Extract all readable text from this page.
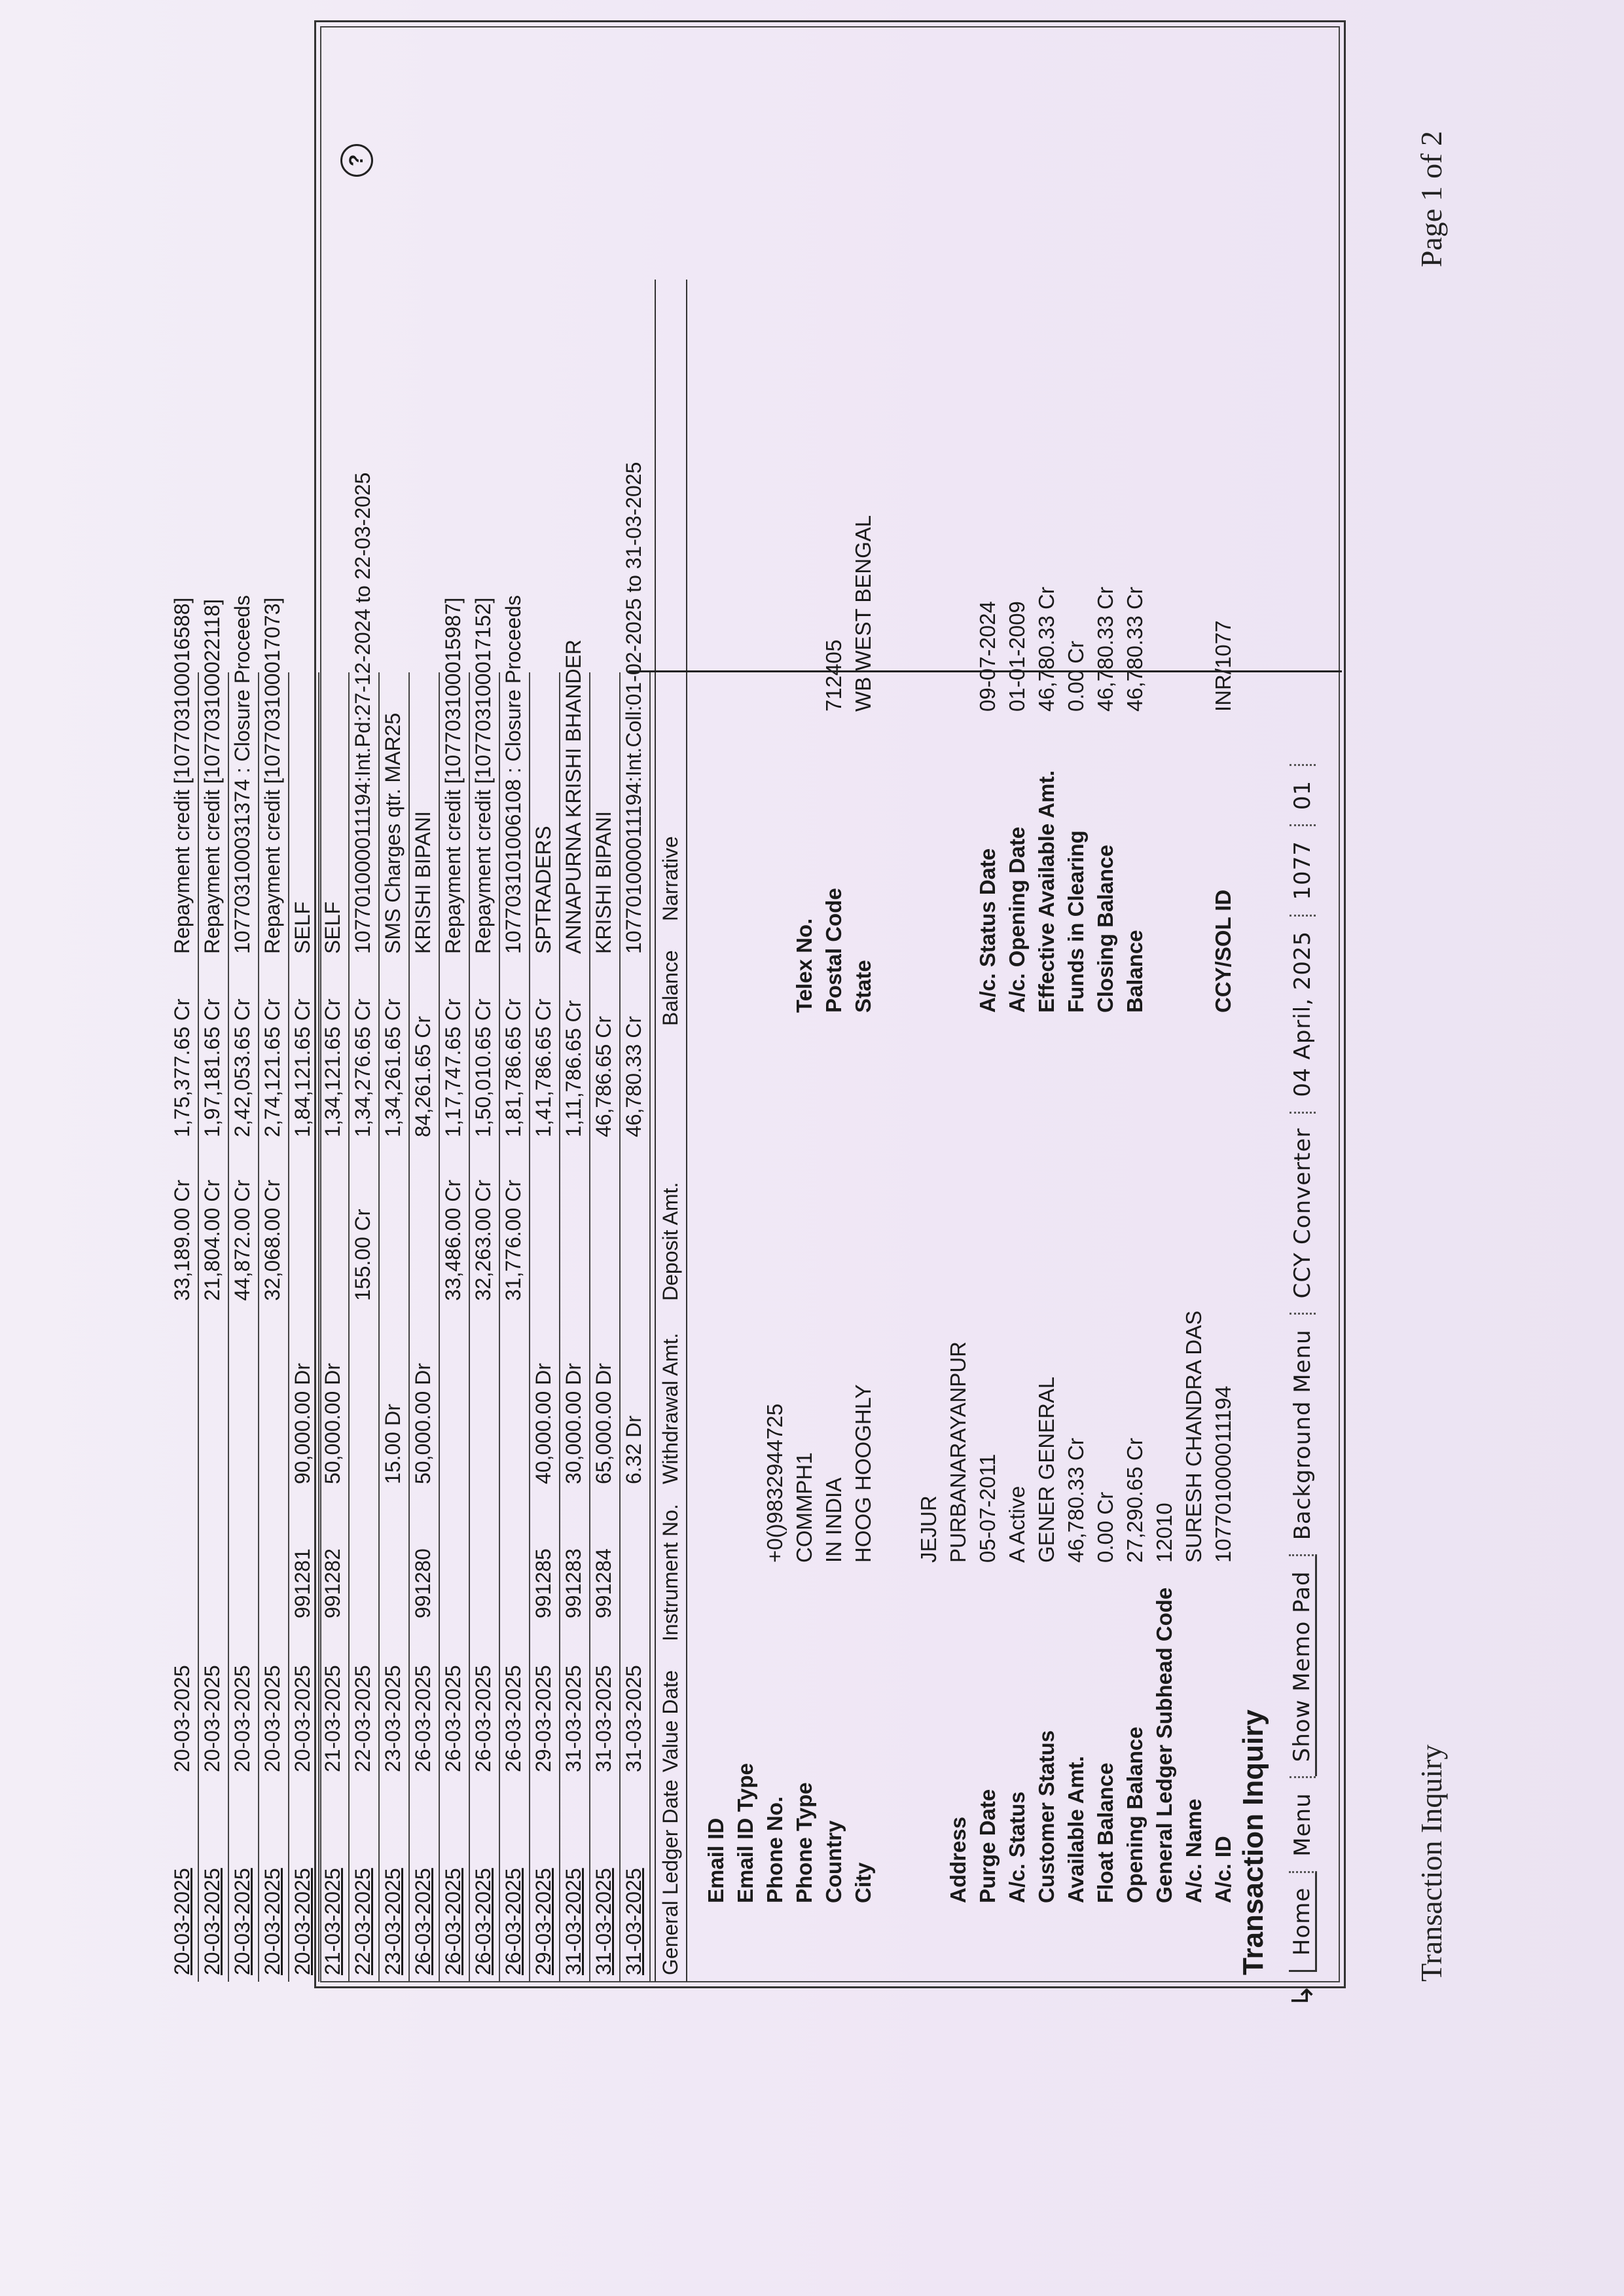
Transaction Inquiry
Page 1 of 2
↳
Home
Menu
Show Memo Pad
Background Menu
CCY Converter
04 April, 2025
1077
01
?
Transaction Inquiry
A/c. ID
A/c. Name
General Ledger Subhead Code
Opening Balance
Float Balance
Available Amt.
Customer Status
A/c. Status
Purge Date
Address
City
Country
Phone Type
Phone No.
Email ID Type
Email ID
107701000011194
SURESH CHANDRA DAS
12010
27,290.65 Cr
0.00 Cr
46,780.33 Cr
GENER GENERAL
A Active
05-07-2011
PURBANARAYANPUR
JEJUR
HOOG HOOGHLY
IN INDIA
COMMPH1
+0()9832944725
CCY/SOL ID
Balance
Closing Balance
Funds in Clearing
Effective Available Amt.
A/c. Opening Date
A/c. Status Date
State
Postal Code
Telex No.
INR/1077
46,780.33 Cr
46,780.33 Cr
0.00 Cr
46,780.33 Cr
01-01-2009
09-07-2024
WB WEST BENGAL
712405
General Ledger Date
Value Date
Instrument No.
Withdrawal Amt.
Deposit Amt.
Balance
Narrative
31-03-2025
31-03-2025
6.32 Dr
46,780.33 Cr
107701000011194:Int.Coll:01-02-2025 to 31-03-2025
31-03-2025
31-03-2025
991284
65,000.00 Dr
46,786.65 Cr
KRISHI BIPANI
31-03-2025
31-03-2025
991283
30,000.00 Dr
1,11,786.65 Cr
ANNAPURNA KRISHI BHANDER
29-03-2025
29-03-2025
991285
40,000.00 Dr
1,41,786.65 Cr
SPTRADERS
26-03-2025
26-03-2025
31,776.00 Cr
1,81,786.65 Cr
107703101006108 : Closure Proceeds
26-03-2025
26-03-2025
32,263.00 Cr
1,50,010.65 Cr
Repayment credit [107703100017152]
26-03-2025
26-03-2025
33,486.00 Cr
1,17,747.65 Cr
Repayment credit [107703100015987]
26-03-2025
26-03-2025
991280
50,000.00 Dr
84,261.65 Cr
KRISHI BIPANI
23-03-2025
23-03-2025
15.00 Dr
1,34,261.65 Cr
SMS Charges qtr. MAR25
22-03-2025
22-03-2025
155.00 Cr
1,34,276.65 Cr
107701000011194:Int.Pd:27-12-2024 to 22-03-2025
21-03-2025
21-03-2025
991282
50,000.00 Dr
1,34,121.65 Cr
SELF
20-03-2025
20-03-2025
991281
90,000.00 Dr
1,84,121.65 Cr
SELF
20-03-2025
20-03-2025
32,068.00 Cr
2,74,121.65 Cr
Repayment credit [107703100017073]
20-03-2025
20-03-2025
44,872.00 Cr
2,42,053.65 Cr
107703100031374 : Closure Proceeds
20-03-2025
20-03-2025
21,804.00 Cr
1,97,181.65 Cr
Repayment credit [107703100022118]
20-03-2025
20-03-2025
33,189.00 Cr
1,75,377.65 Cr
Repayment credit [107703100016588]
